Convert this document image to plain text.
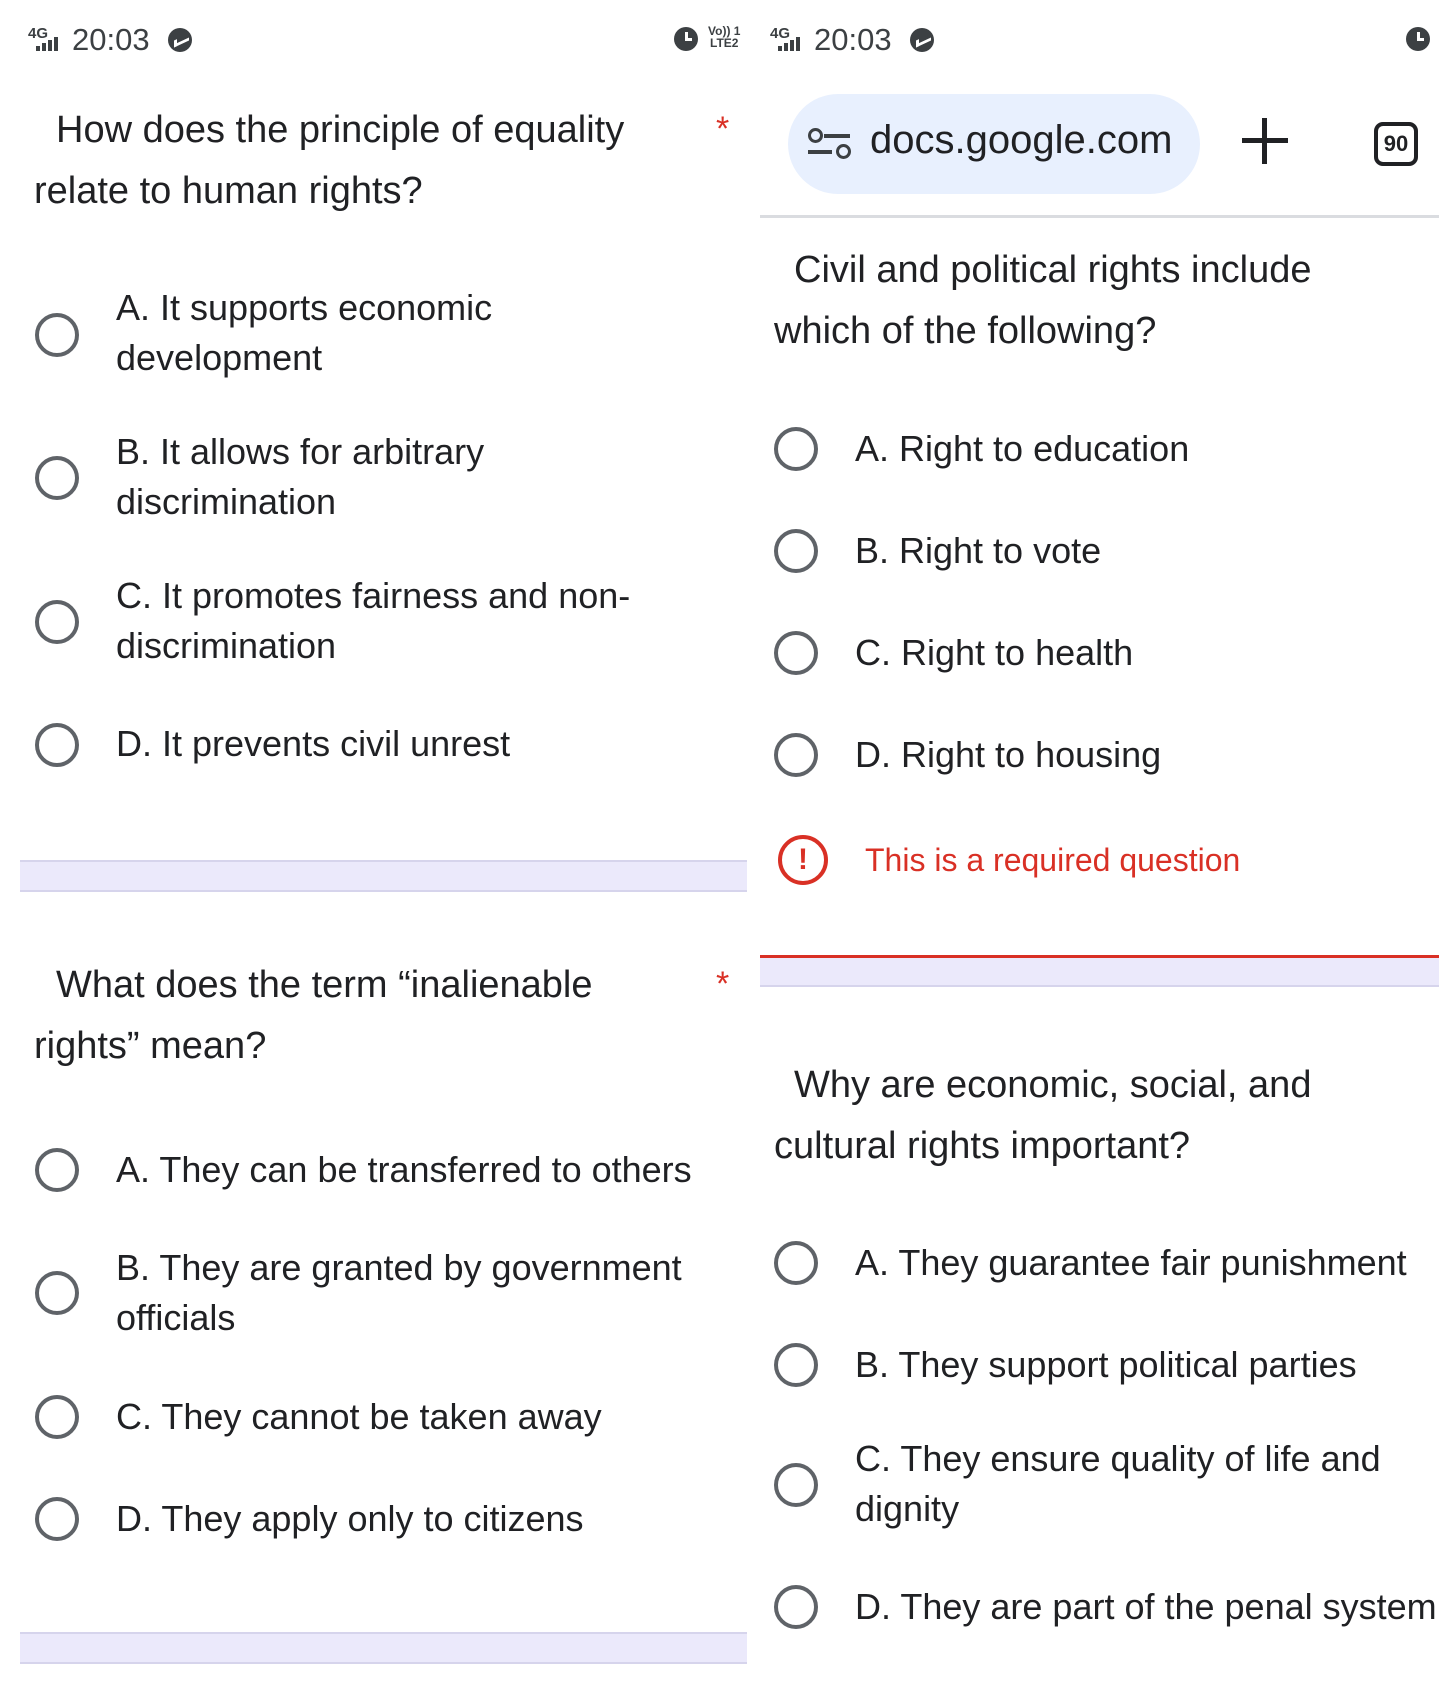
4G 20:03	Vo)) 1
LTE2
How does the principle of equality relate to human rights?
*
A. It supports economic development
B. It allows for arbitrary discrimination
C. It promotes fairness and non-discrimination
D. It prevents civil unrest
What does the term “inalienable rights” mean?
*
A. They can be transferred to others
B. They are granted by government officials
C. They cannot be taken away
D. They apply only to citizens
4G 20:03
docs.google.com	90
Civil and political rights include which of the following?
A. Right to education
B. Right to vote
C. Right to health
D. Right to housing
!	This is a required question
Why are economic, social, and cultural rights important?
A. They guarantee fair punishment
B. They support political parties
C. They ensure quality of life and dignity
D. They are part of the penal system
